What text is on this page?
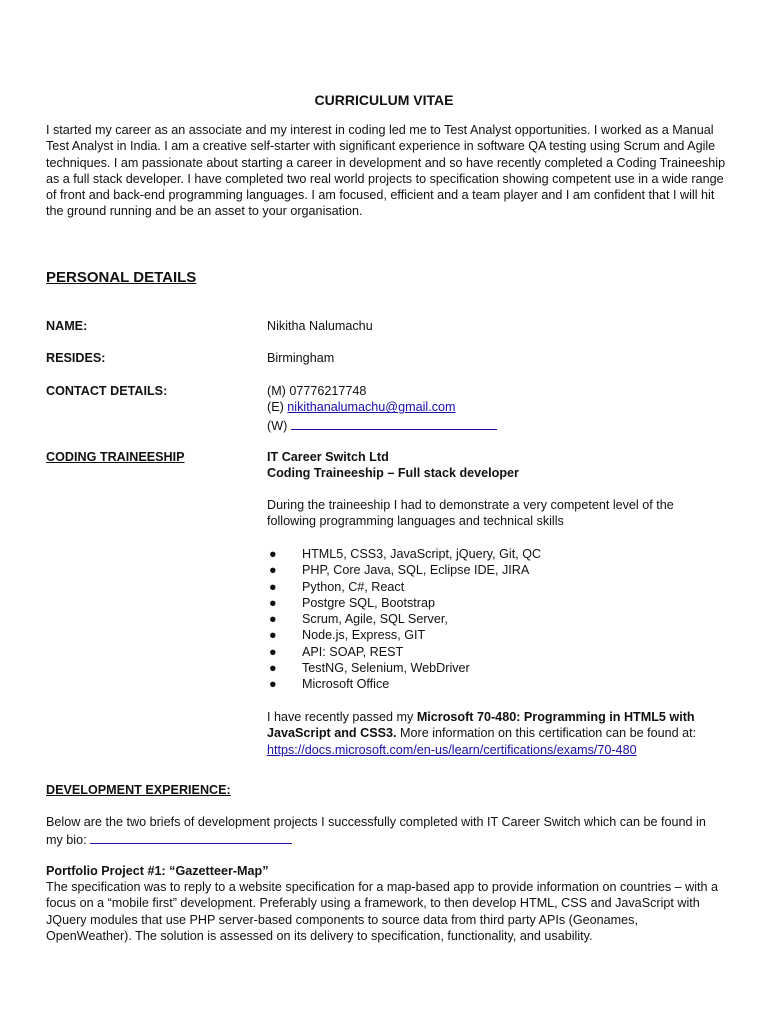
CURRICULUM VITAE
I started my career as an associate and my interest in coding led me to Test Analyst opportunities. I worked as a Manual Test Analyst in India. I am a creative self-starter with significant experience in software QA testing using Scrum and Agile techniques. I am passionate about starting a career in development and so have recently completed a Coding Traineeship as a full stack developer. I have completed two real world projects to specification showing competent use in a wide range of front and back-end programming languages. I am focused, efficient and a team player and I am confident that I will hit the ground running and be an asset to your organisation.
PERSONAL DETAILS
NAME:	Nikitha Nalumachu
RESIDES:	Birmingham
CONTACT DETAILS:	(M) 07776217748
(E) nikithanalumachu@gmail.com
(W)
CODING TRAINEESHIP	IT Career Switch Ltd
Coding Traineeship – Full stack developer
During the traineeship I had to demonstrate a very competent level of the following programming languages and technical skills
● HTML5, CSS3, JavaScript, jQuery, Git, QC
● PHP, Core Java, SQL, Eclipse IDE, JIRA
● Python, C#, React
● Postgre SQL, Bootstrap
● Scrum, Agile, SQL Server,
● Node.js, Express, GIT
● API: SOAP, REST
● TestNG, Selenium, WebDriver
● Microsoft Office
I have recently passed my Microsoft 70-480: Programming in HTML5 with JavaScript and CSS3. More information on this certification can be found at: https://docs.microsoft.com/en-us/learn/certifications/exams/70-480
DEVELOPMENT EXPERIENCE:
Below are the two briefs of development projects I successfully completed with IT Career Switch which can be found in my bio:
Portfolio Project #1: “Gazetteer-Map”
The specification was to reply to a website specification for a map-based app to provide information on countries – with a focus on a “mobile first” development. Preferably using a framework, to then develop HTML, CSS and JavaScript with JQuery modules that use PHP server-based components to source data from third party APIs (Geonames, OpenWeather). The solution is assessed on its delivery to specification, functionality, and usability.
